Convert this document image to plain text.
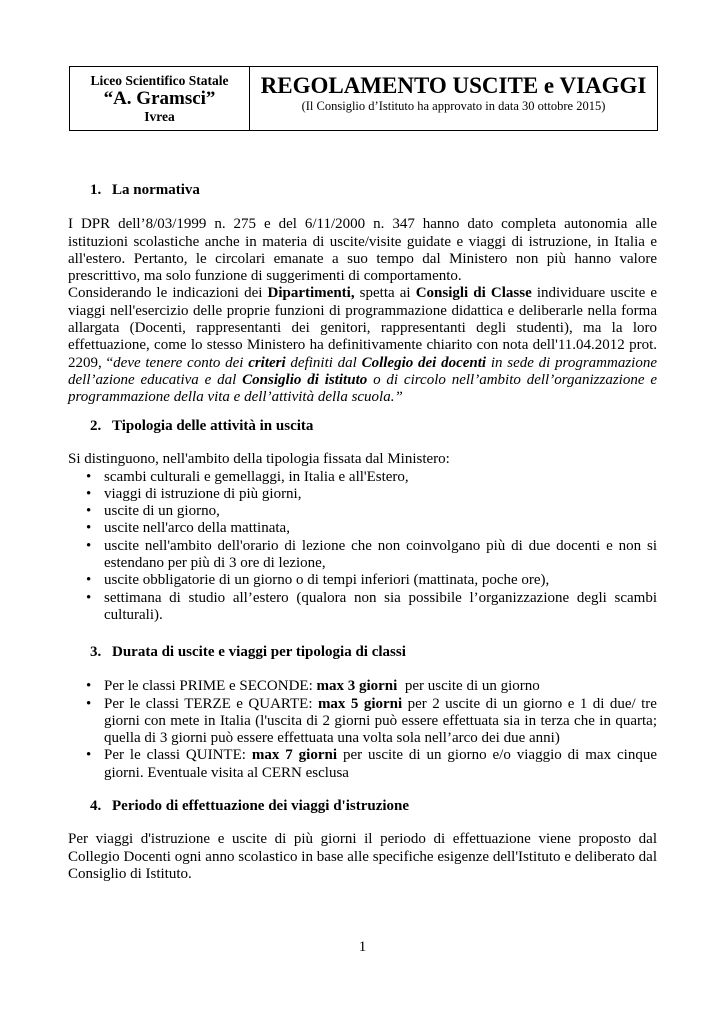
Liceo Scientifico Statale
“A. Gramsci”
Ivrea
REGOLAMENTO USCITE e VIAGGI
(Il Consiglio d’Istituto ha approvato in data 30 ottobre 2015)
1. La normativa

I DPR dell’8/03/1999 n. 275 e del 6/11/2000 n. 347 hanno dato completa autonomia alle istituzioni scolastiche anche in materia di uscite/visite guidate e viaggi di istruzione, in Italia e all'estero. Pertanto, le circolari emanate a suo tempo dal Ministero non più hanno valore prescrittivo, ma solo funzione di suggerimenti di comportamento.

Considerando le indicazioni dei Dipartimenti, spetta ai Consigli di Classe individuare uscite e viaggi nell'esercizio delle proprie funzioni di programmazione didattica e deliberarle nella forma allargata (Docenti, rappresentanti dei genitori, rappresentanti degli studenti), ma la loro effettuazione, come lo stesso Ministero ha definitivamente chiarito con nota dell'11.04.2012 prot. 2209, “deve tenere conto dei criteri definiti dal Collegio dei docenti in sede di programmazione dell’azione educativa e dal Consiglio di istituto o di circolo nell’ambito dell’organizzazione e programmazione della vita e dell’attività della scuola.”

2. Tipologia delle attività in uscita

Si distinguono, nell'ambito della tipologia fissata dal Ministero:

• scambi culturali e gemellaggi, in Italia e all'Estero,
• viaggi di istruzione di più giorni,
• uscite di un giorno,
• uscite nell'arco della mattinata,
• uscite nell'ambito dell'orario di lezione che non coinvolgano più di due docenti e non si estendano per più di 3 ore di lezione,
• uscite obbligatorie di un giorno o di tempi inferiori (mattinata, poche ore),
• settimana di studio all’estero (qualora non sia possibile l’organizzazione degli scambi culturali).
3. Durata di uscite e viaggi per tipologia di classi
• Per le classi PRIME e SECONDE: max 3 giorni  per uscite di un giorno
• Per le classi TERZE e QUARTE: max 5 giorni per 2 uscite di un giorno e 1 di due/ tre giorni con mete in Italia (l'uscita di 2 giorni può essere effettuata sia in terza che in quarta; quella di 3 giorni può essere effettuata una volta sola nell’arco dei due anni)
• Per le classi QUINTE: max 7 giorni per uscite di un giorno e/o viaggio di max cinque giorni. Eventuale visita al CERN esclusa
4. Periodo di effettuazione dei viaggi d'istruzione

Per viaggi d'istruzione e uscite di più giorni il periodo di effettuazione viene proposto dal Collegio Docenti ogni anno scolastico in base alle specifiche esigenze dell'Istituto e deliberato dal Consiglio di Istituto.

1
